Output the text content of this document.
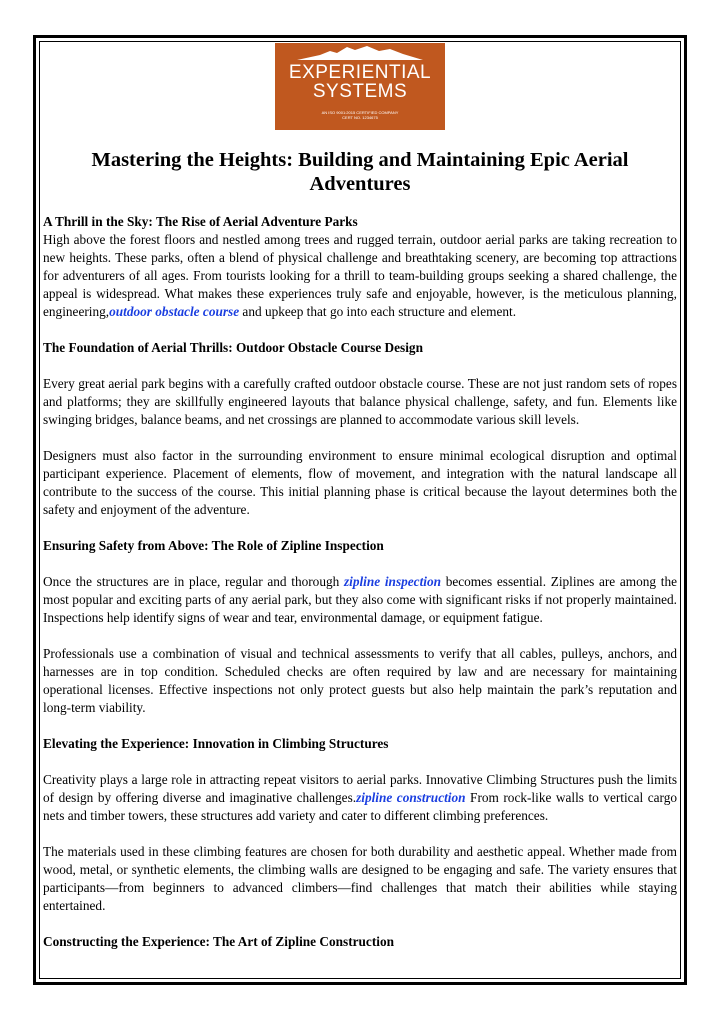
EXPERIENTIAL
SYSTEMS
AN ISO 9001:2015 CERTIFIED COMPANY
CERT NO. 1234675
Mastering the Heights: Building and Maintaining Epic Aerial Adventures
A Thrill in the Sky: The Rise of Aerial Adventure Parks

High above the forest floors and nestled among trees and rugged terrain, outdoor aerial parks are taking recreation to new heights. These parks, often a blend of physical challenge and breathtaking scenery, are becoming top attractions for adventurers of all ages. From tourists looking for a thrill to team-building groups seeking a shared challenge, the appeal is widespread. What makes these experiences truly safe and enjoyable, however, is the meticulous planning, engineering,outdoor obstacle course and upkeep that go into each structure and element.

The Foundation of Aerial Thrills: Outdoor Obstacle Course Design

Every great aerial park begins with a carefully crafted outdoor obstacle course. These are not just random sets of ropes and platforms; they are skillfully engineered layouts that balance physical challenge, safety, and fun. Elements like swinging bridges, balance beams, and net crossings are planned to accommodate various skill levels.

Designers must also factor in the surrounding environment to ensure minimal ecological disruption and optimal participant experience. Placement of elements, flow of movement, and integration with the natural landscape all contribute to the success of the course. This initial planning phase is critical because the layout determines both the safety and enjoyment of the adventure.

Ensuring Safety from Above: The Role of Zipline Inspection

Once the structures are in place, regular and thorough zipline inspection becomes essential. Ziplines are among the most popular and exciting parts of any aerial park, but they also come with significant risks if not properly maintained. Inspections help identify signs of wear and tear, environmental damage, or equipment fatigue.

Professionals use a combination of visual and technical assessments to verify that all cables, pulleys, anchors, and harnesses are in top condition. Scheduled checks are often required by law and are necessary for maintaining operational licenses. Effective inspections not only protect guests but also help maintain the park’s reputation and long-term viability.

Elevating the Experience: Innovation in Climbing Structures

Creativity plays a large role in attracting repeat visitors to aerial parks. Innovative Climbing Structures push the limits of design by offering diverse and imaginative challenges.zipline construction From rock-like walls to vertical cargo nets and timber towers, these structures add variety and cater to different climbing preferences.

The materials used in these climbing features are chosen for both durability and aesthetic appeal. Whether made from wood, metal, or synthetic elements, the climbing walls are designed to be engaging and safe. The variety ensures that participants—from beginners to advanced climbers—find challenges that match their abilities while staying entertained.

Constructing the Experience: The Art of Zipline Construction
